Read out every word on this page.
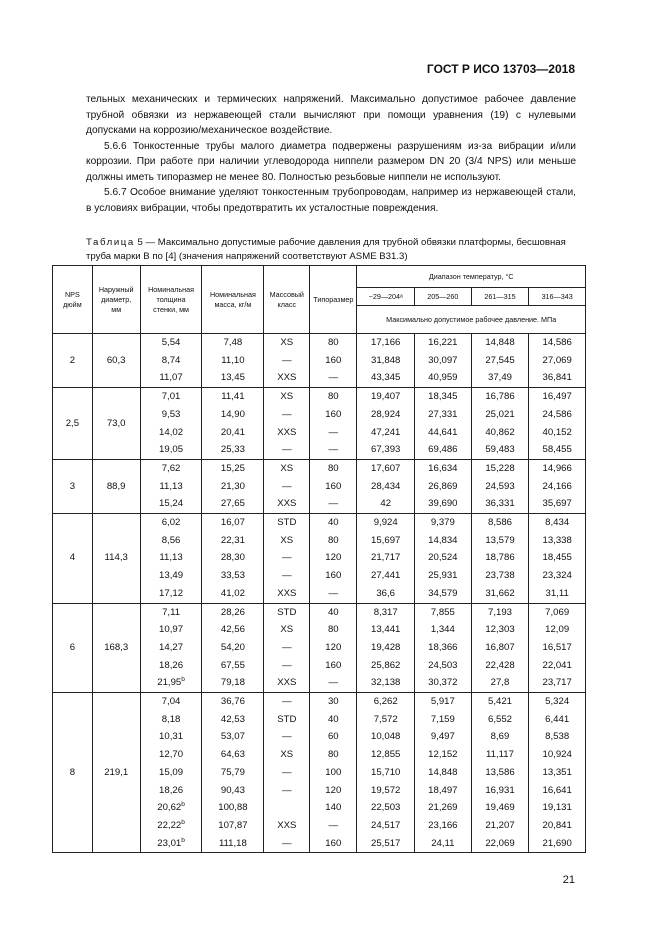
ГОСТ Р ИСО 13703—2018

тельных механических и термических напряжений. Максимально допустимое рабочее давление трубной обвязки из нержавеющей стали вычисляют при помощи уравнения (19) с нулевыми допусками на коррозию/механическое воздействие.

5.6.6 Тонкостенные трубы малого диаметра подвержены разрушениям из-за вибрации и/или коррозии. При работе при наличии углеводорода ниппели размером DN 20 (3/4 NPS) или меньше должны иметь типоразмер не менее 80. Полностью резьбовые ниппели не используют.

5.6.7 Особое внимание уделяют тонкостенным трубопроводам, например из нержавеющей стали, в условиях вибрации, чтобы предотвратить их усталостные повреждения.

Таблица 5 — Максимально допустимые рабочие давления для трубной обвязки платформы, бесшовная труба марки В по [4] (значения напряжений соответствуют ASME B31.3)
NPS дюйм	Наружный диаметр, мм	Номинальная толщина стенки, мм	Номинальная масса, кг/м	Массовый класс	Типоразмер	Диапазон температур, °C			
						−29—204ᵃ	205—260	261—315	316—343
						Максимально допустимое рабочее давление. МПа			
2	60,3	5,54	7,48	XS	80	17,166	16,221	14,848	14,586
		8,74	11,10	—	160	31,848	30,097	27,545	27,069
		11,07	13,45	XXS	—	43,345	40,959	37,49	36,841
2,5	73,0	7,01	11,41	XS	80	19,407	18,345	16,786	16,497
		9,53	14,90	—	160	28,924	27,331	25,021	24,586
		14,02	20,41	XXS	—	47,241	44,641	40,862	40,152
		19,05	25,33	—	—	67,393	69,486	59,483	58,455
3	88,9	7,62	15,25	XS	80	17,607	16,634	15,228	14,966
		11,13	21,30	—	160	28,434	26,869	24,593	24,166
		15,24	27,65	XXS	—	42	39,690	36,331	35,697
4	114,3	6,02	16,07	STD	40	9,924	9,379	8,586	8,434
		8,56	22,31	XS	80	15,697	14,834	13,579	13,338
		11,13	28,30	—	120	21,717	20,524	18,786	18,455
		13,49	33,53	—	160	27,441	25,931	23,738	23,324
		17,12	41,02	XXS	—	36,6	34,579	31,662	31,11
6	168,3	7,11	28,26	STD	40	8,317	7,855	7,193	7,069
		10,97	42,56	XS	80	13,441	1,344	12,303	12,09
		14,27	54,20	—	120	19,428	18,366	16,807	16,517
		18,26	67,55	—	160	25,862	24,503	22,428	22,041
		21,95$^b$	79,18	XXS	—	32,138	30,372	27,8	23,717
8	219,1	7,04	36,76	—	30	6,262	5,917	5,421	5,324
		8,18	42,53	STD	40	7,572	7,159	6,552	6,441
		10,31	53,07	—	60	10,048	9,497	8,69	8,538
		12,70	64,63	XS	80	12,855	12,152	11,117	10,924
		15,09	75,79	—	100	15,710	14,848	13,586	13,351
		18,26	90,43	—	120	19,572	18,497	16,931	16,641
		20,62$^b$	100,88		140	22,503	21,269	19,469	19,131
		22,22$^b$	107,87	XXS	—	24,517	23,166	21,207	20,841
		23,01$^b$	111,18	—	160	25,517	24,11	22,069	21,690
21
